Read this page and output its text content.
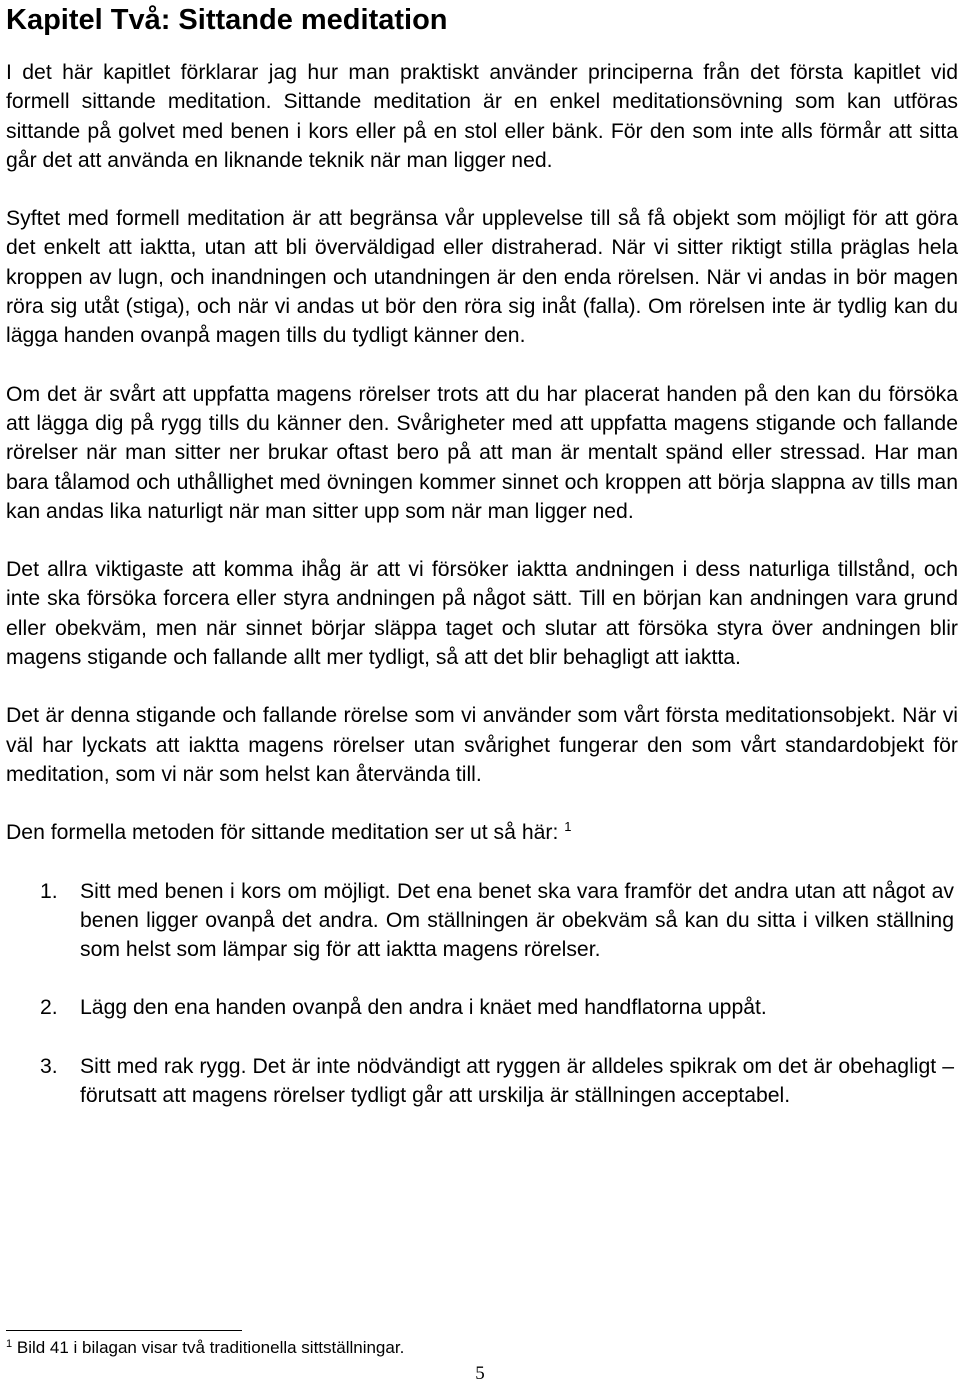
Kapitel Två: Sittande meditation

I det här kapitlet förklarar jag hur man praktiskt använder principerna från det första kapitlet vid formell sittande meditation. Sittande meditation är en enkel meditationsövning som kan utföras sittande på golvet med benen i kors eller på en stol eller bänk. För den som inte alls förmår att sitta går det att använda en liknande teknik när man ligger ned.

Syftet med formell meditation är att begränsa vår upplevelse till så få objekt som möjligt för att göra det enkelt att iaktta, utan att bli överväldigad eller distraherad. När vi sitter riktigt stilla präglas hela kroppen av lugn, och inandningen och utandningen är den enda rörelsen. När vi andas in bör magen röra sig utåt (stiga), och när vi andas ut bör den röra sig inåt (falla). Om rörelsen inte är tydlig kan du lägga handen ovanpå magen tills du tydligt känner den.

Om det är svårt att uppfatta magens rörelser trots att du har placerat handen på den kan du försöka att lägga dig på rygg tills du känner den. Svårigheter med att uppfatta magens stigande och fallande rörelser när man sitter ner brukar oftast bero på att man är mentalt spänd eller stressad. Har man bara tålamod och uthållighet med övningen kommer sinnet och kroppen att börja slappna av tills man kan andas lika naturligt när man sitter upp som när man ligger ned.

Det allra viktigaste att komma ihåg är att vi försöker iaktta andningen i dess naturliga tillstånd, och inte ska försöka forcera eller styra andningen på något sätt. Till en början kan andningen vara grund eller obekväm, men när sinnet börjar släppa taget och slutar att försöka styra över andningen blir magens stigande och fallande allt mer tydligt, så att det blir behagligt att iaktta.

Det är denna stigande och fallande rörelse som vi använder som vårt första meditationsobjekt. När vi väl har lyckats att iaktta magens rörelser utan svårighet fungerar den som vårt standardobjekt för meditation, som vi när som helst kan återvända till.

Den formella metoden för sittande meditation ser ut så här: $^1$

1.	Sitt med benen i kors om möjligt. Det ena benet ska vara framför det andra utan att något av benen ligger ovanpå det andra. Om ställningen är obekväm så kan du sitta i vilken ställning som helst som lämpar sig för att iaktta magens rörelser.
2.	Lägg den ena handen ovanpå den andra i knäet med handflatorna uppåt.
3.	Sitt med rak rygg. Det är inte nödvändigt att ryggen är alldeles spikrak om det är obehagligt – förutsatt att magens rörelser tydligt går att urskilja är ställningen acceptabel.
$^1$ Bild 41 i bilagan visar två traditionella sittställningar.
5
